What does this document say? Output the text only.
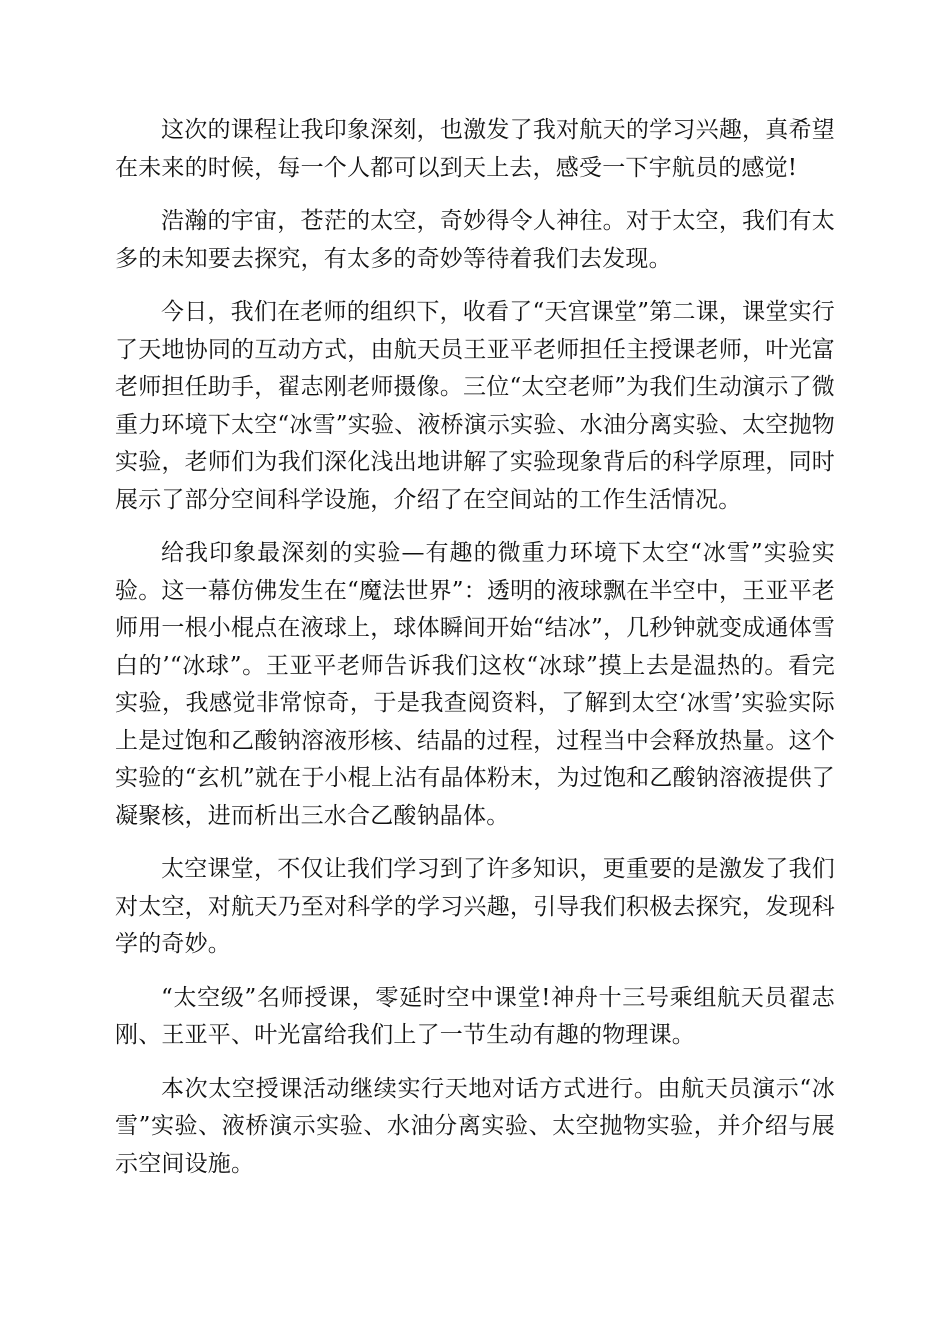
这次的课程让我印象深刻，也激发了我对航天的学习兴趣，真希望在未来的时候，每一个人都可以到天上去，感受一下宇航员的感觉!

浩瀚的宇宙，苍茫的太空，奇妙得令人神往。对于太空，我们有太多的未知要去探究，有太多的奇妙等待着我们去发现。

今日，我们在老师的组织下，收看了“天宫课堂”第二课，课堂实行了天地协同的互动方式，由航天员王亚平老师担任主授课老师，叶光富老师担任助手，翟志刚老师摄像。三位“太空老师”为我们生动演示了微重力环境下太空“冰雪”实验、液桥演示实验、水油分离实验、太空抛物实验，老师们为我们深化浅出地讲解了实验现象背后的科学原理，同时展示了部分空间科学设施，介绍了在空间站的工作生活情况。

给我印象最深刻的实验—有趣的微重力环境下太空“冰雪”实验实验。这一幕仿佛发生在“魔法世界”：透明的液球飘在半空中，王亚平老师用一根小棍点在液球上，球体瞬间开始“结冰”，几秒钟就变成通体雪白的’“冰球”。王亚平老师告诉我们这枚“冰球”摸上去是温热的。看完实验，我感觉非常惊奇，于是我查阅资料，了解到太空‘冰雪’实验实际上是过饱和乙酸钠溶液形核、结晶的过程，过程当中会释放热量。这个实验的“玄机”就在于小棍上沾有晶体粉末，为过饱和乙酸钠溶液提供了凝聚核，进而析出三水合乙酸钠晶体。

太空课堂，不仅让我们学习到了许多知识，更重要的是激发了我们对太空，对航天乃至对科学的学习兴趣，引导我们积极去探究，发现科学的奇妙。

“太空级”名师授课，零延时空中课堂!神舟十三号乘组航天员翟志刚、王亚平、叶光富给我们上了一节生动有趣的物理课。

本次太空授课活动继续实行天地对话方式进行。由航天员演示“冰雪”实验、液桥演示实验、水油分离实验、太空抛物实验，并介绍与展示空间设施。
